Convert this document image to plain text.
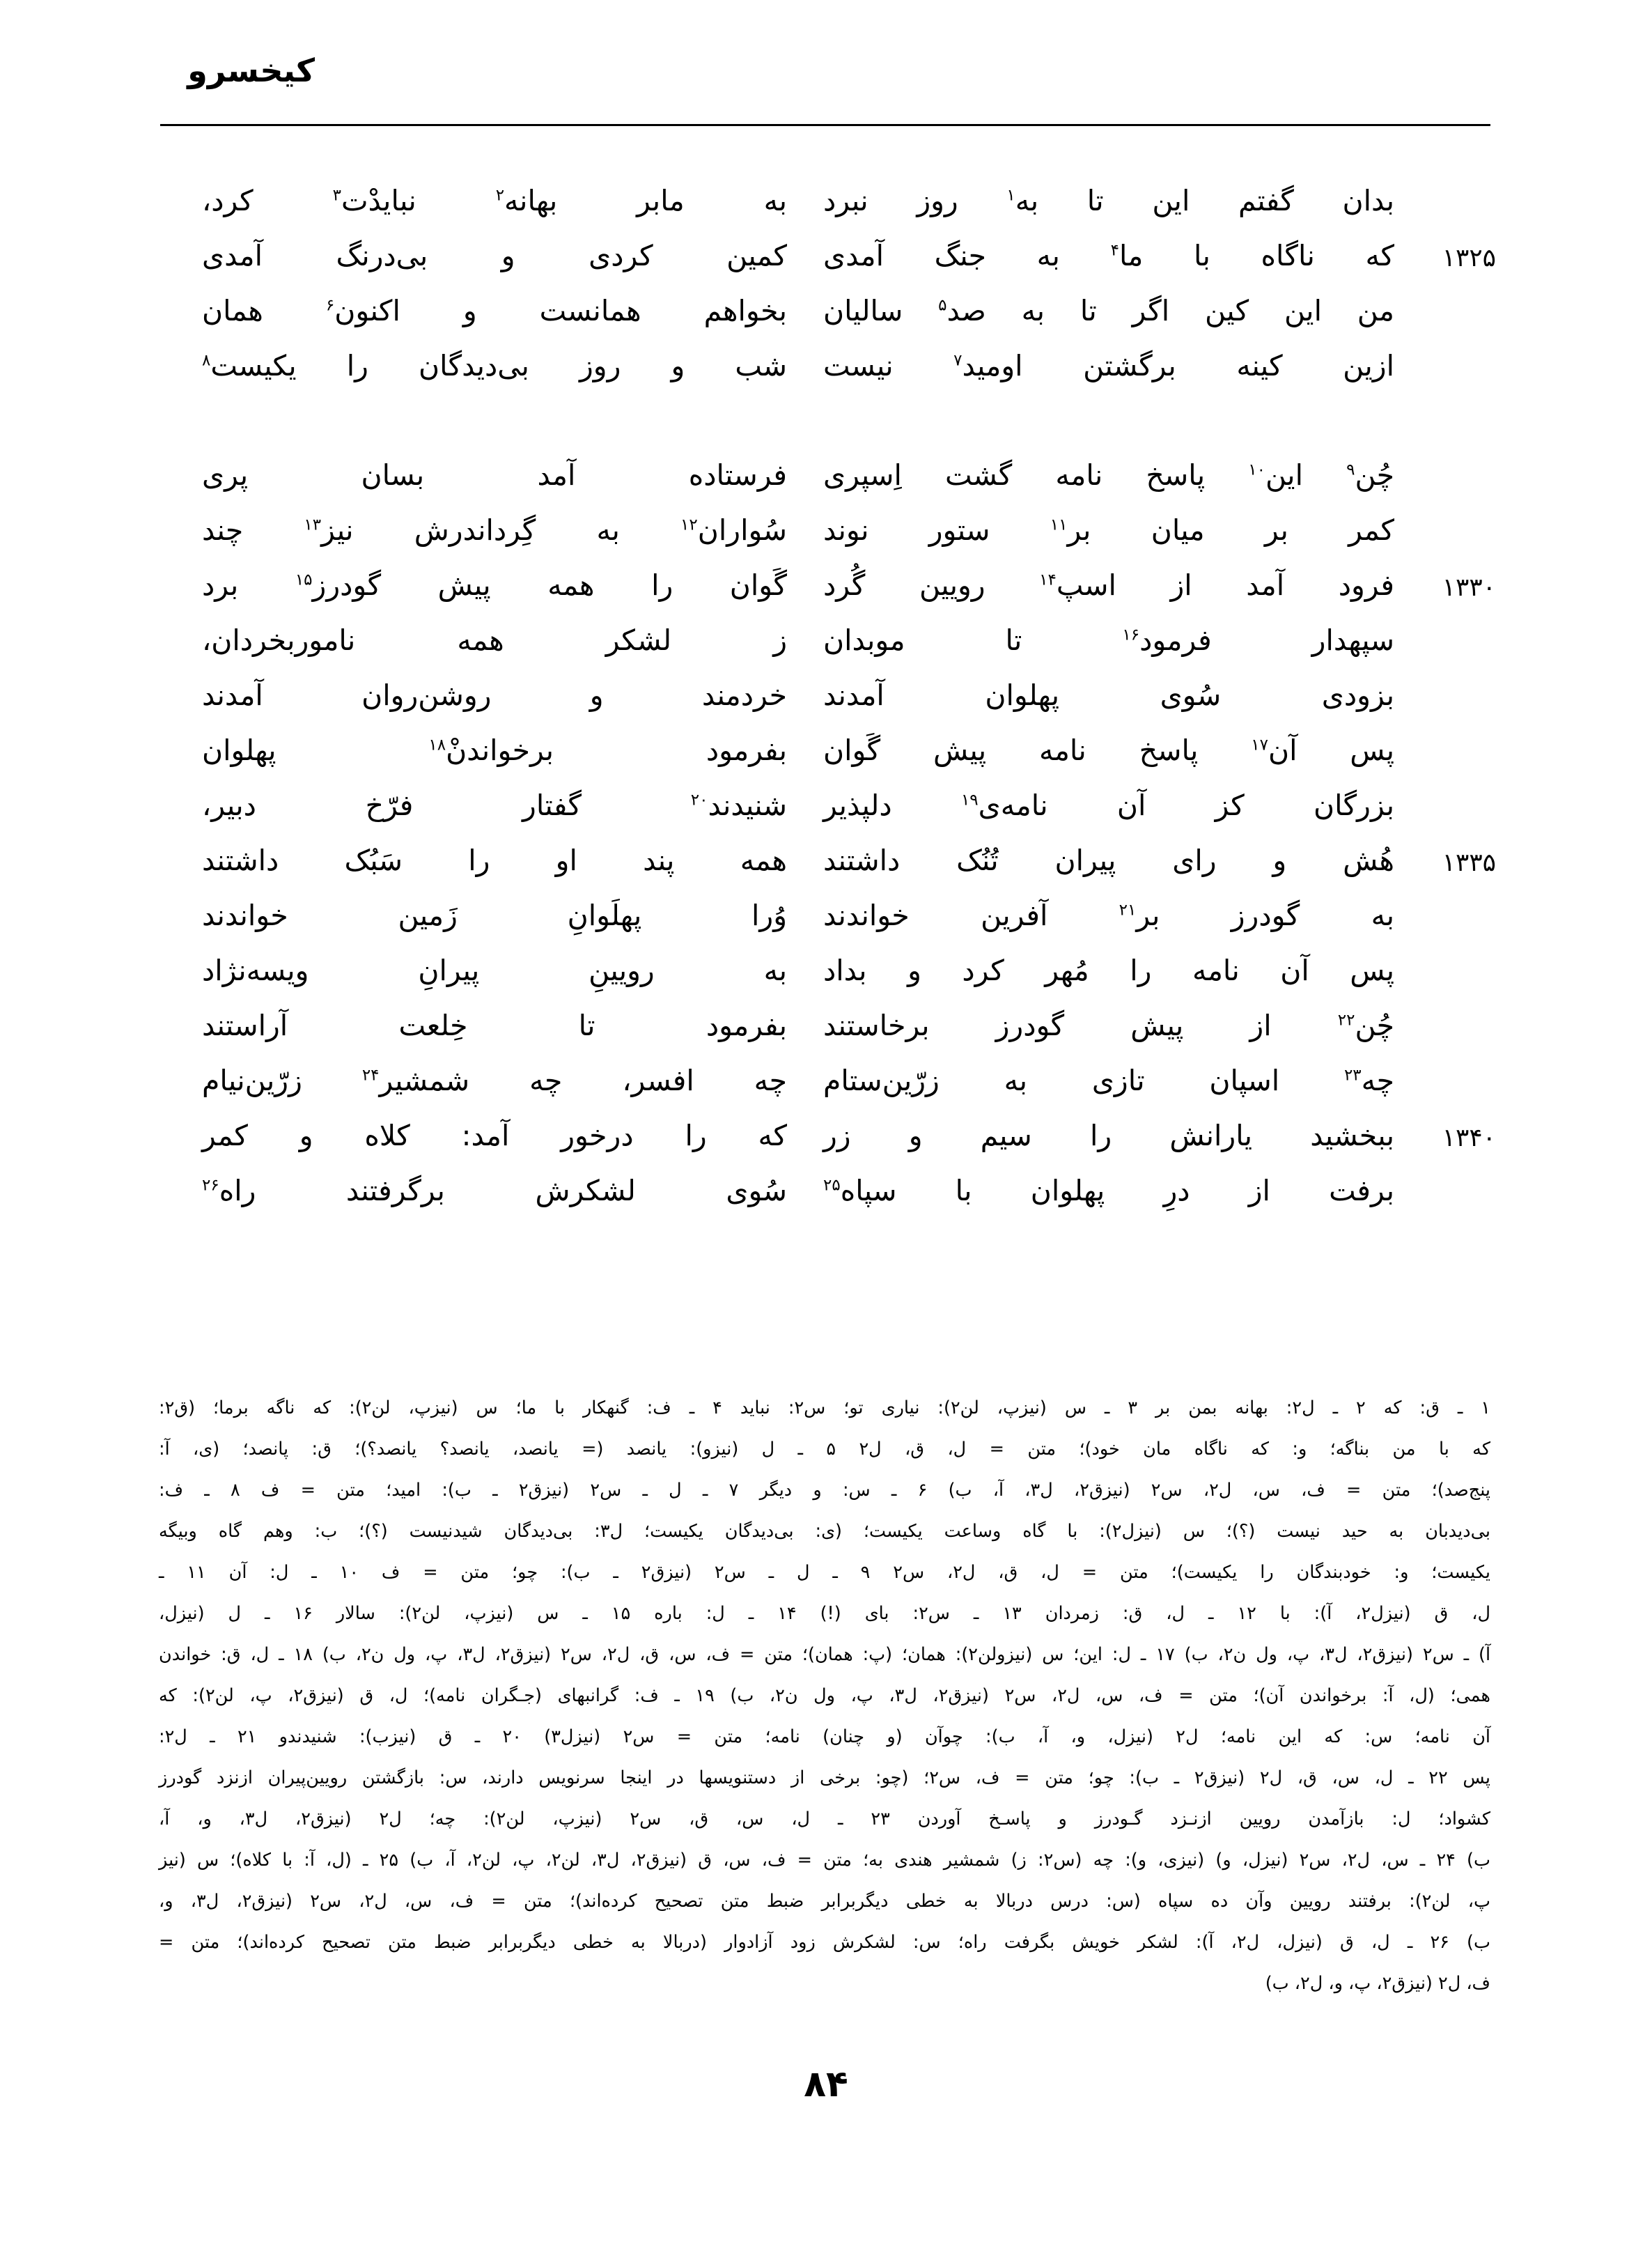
کیخسرو
بدان گفتم این تا به$^۱$ روز نبرد
به مابر بهانه$^۲$ نبایدْت$^۳$ کرد،
۱۳۲۵
که ناگاه با ما$^۴$ به جنگ آمدی
کمین کردی و بی‌درنگ آمدی
من این کین اگر تا به صد$^۵$ سالیان
بخواهم همانست و اکنون$^۶$ همان
ازین کینه برگشتن اومید$^۷$ نیست
شب و روز بی‌دیدگان را یکیست$^۸$
چُن$^۹$ این$^{۱۰}$ پاسخ نامه گشت اِسپری
فرستاده آمد بسان پری
کمر بر میان بر$^{۱۱}$ ستور نوند
سُواران$^{۱۲}$ به گِرداندرش نیز$^{۱۳}$ چند
۱۳۳۰
فرود آمد از اسپ$^{۱۴}$ رویین گُرد
گَوان را همه پیش گودرز$^{۱۵}$ برد
سپهدار فرمود$^{۱۶}$ تا موبدان
ز لشکر همه ناموربخردان،
بزودی سُوی پهلوان آمدند
خردمند و روشن‌روان آمدند
پس آن$^{۱۷}$ پاسخ نامه پیش گَوان
بفرمود برخواندنْ$^{۱۸}$ پهلوان
بزرگان کز آن نامه‌ی$^{۱۹}$ دلپذیر
شنیدند$^{۲۰}$ گفتار فرّخ دبیر،
۱۳۳۵
هُش و رای پیران تُنُک داشتند
همه پند او را سَبُک داشتند
به گودرز بر$^{۲۱}$ آفرین خواندند
وُرا پهلَوانِ زَمین خواندند
پس آن نامه را مُهر کرد و بداد
به رویینِ پیرانِ ویسه‌نژاد
چُن$^{۲۲}$ از پیش گودرز برخاستند
بفرمود تا خِلعت آراستند
چه$^{۲۳}$ اسپان تازی به زرّین‌ستام
چه افسر، چه شمشیر$^{۲۴}$ زرّین‌نیام
۱۳۴۰
ببخشید یارانش را سیم و زر
که را درخور آمد: کلاه و کمر
برفت از درِ پهلوان با سپاه$^{۲۵}$
سُوی لشکرش برگرفتند راه$^{۲۶}$
۱ ـ ق: که ۲ ـ ل۲: بهانه بمن بر ۳ ـ س (نیزپ، لن۲): نیاری تو؛ س۲: نباید ۴ ـ ف: گنهکار با ما؛ س (نیزپ، لن۲): که ناگه برما؛ (ق۲:
که با من بناگه؛ و: که ناگاه مان خود)؛ متن = ل، ق، ل۲ ۵ ـ ل (نیزو): یانصد (= یانصد، یانصد؟ یانصد؟)؛ ق: پانصد؛ (ی، آ:
پنج‌صد)؛ متن = ف، س، ل۲، س۲ (نیزق۲، ل۳، آ، ب) ۶ ـ س: و دیگر ۷ ـ ل ـ س۲ (نیزق۲ ـ ب): امید؛ متن = ف ۸ ـ ف:
بی‌دیدبان به حید نیست (؟)؛ س (نیزل۲): با گاه وساعت یکیست؛ (ی: بی‌دیدگان یکیست؛ ل۳: بی‌دیدگان شیدنیست (؟)؛ ب: وهم گاه وبیگه
یکیست؛ و: خودبندگان را یکیست)؛ متن = ل، ق، ل۲، س۲ ۹ ـ ل ـ س۲ (نیزق۲ ـ ب): چو؛ متن = ف ۱۰ ـ ل: آن ۱۱ ـ
ل، ق (نیزل۲، آ): با ۱۲ ـ ل، ق: زمردان ۱۳ ـ س۲: بای (!) ۱۴ ـ ل: باره ۱۵ ـ س (نیزپ، لن۲): سالار ۱۶ ـ ل (نیزل،
آ) ـ س۲ (نیزق۲، ل۳، پ، ول ن۲، ب) ۱۷ ـ ل: این؛ س (نیزولن۲): همان؛ (پ: همان)؛ متن = ف، س، ق، ل۲، س۲ (نیزق۲، ل۳، پ، ول ن۲، ب) ۱۸ ـ ل، ق: خواندن
همی؛ (ل، آ: برخواندن آن)؛ متن = ف، س، ل۲، س۲ (نیزق۲، ل۳، پ، ول ن۲، ب) ۱۹ ـ ف: گرانبهای (جـگران نامه)؛ ل، ق (نیزق۲، پ، لن۲): که
آن نامه؛ س: که این نامه؛ ل۲ (نیزل، و، آ، ب): چوآن (و چنان) نامه؛ متن = س۲ (نیزل۳) ۲۰ ـ ق (نیزب): شنیدندو ۲۱ ـ ل۲:
پس ۲۲ ـ ل، س، ق، ل۲ (نیزق۲ ـ ب): چو؛ متن = ف، س۲؛ (چو: برخی از دستنویسها در اینجا سرنویس دارند، س: بازگشتن رویین‌پیران ازنزد گودرز
کشواد؛ ل: بازآمدن رویین ازنـزد گـودرز و پاسـخ آوردن ۲۳ ـ ل، س، ق، س۲ (نیزپ، لن۲): چه؛ ل۲ (نیزق۲، ل۳، و، آ،
ب) ۲۴ ـ س، ل۲، س۲ (نیزل، و) (نیزی، و): چه (س۲: ز) شمشیر هندی به؛ متن = ف، س، ق (نیزق۲، ل۳، لن۲، پ، لن۲، آ، ب) ۲۵ ـ (ل، آ: با کلاه)؛ س (نیز
پ، لن۲): برفتند رویین وآن ده سپاه (س: درس دربالا به خطی دیگربرابر ضبط متن تصحیح کرده‌اند)؛ متن = ف، س، ل۲، س۲ (نیزق۲، ل۳، و،
ب) ۲۶ ـ ل، ق (نیزل، ل۲، آ): لشکر خویش بگرفت راه؛ س: لشکرش زود آزادوار (دربالا به خطی دیگربرابر ضبط متن تصحیح کرده‌اند)؛ متن =
ف، ل۲ (نیزق۲، پ، و، ل۲، ب)
۸۴
